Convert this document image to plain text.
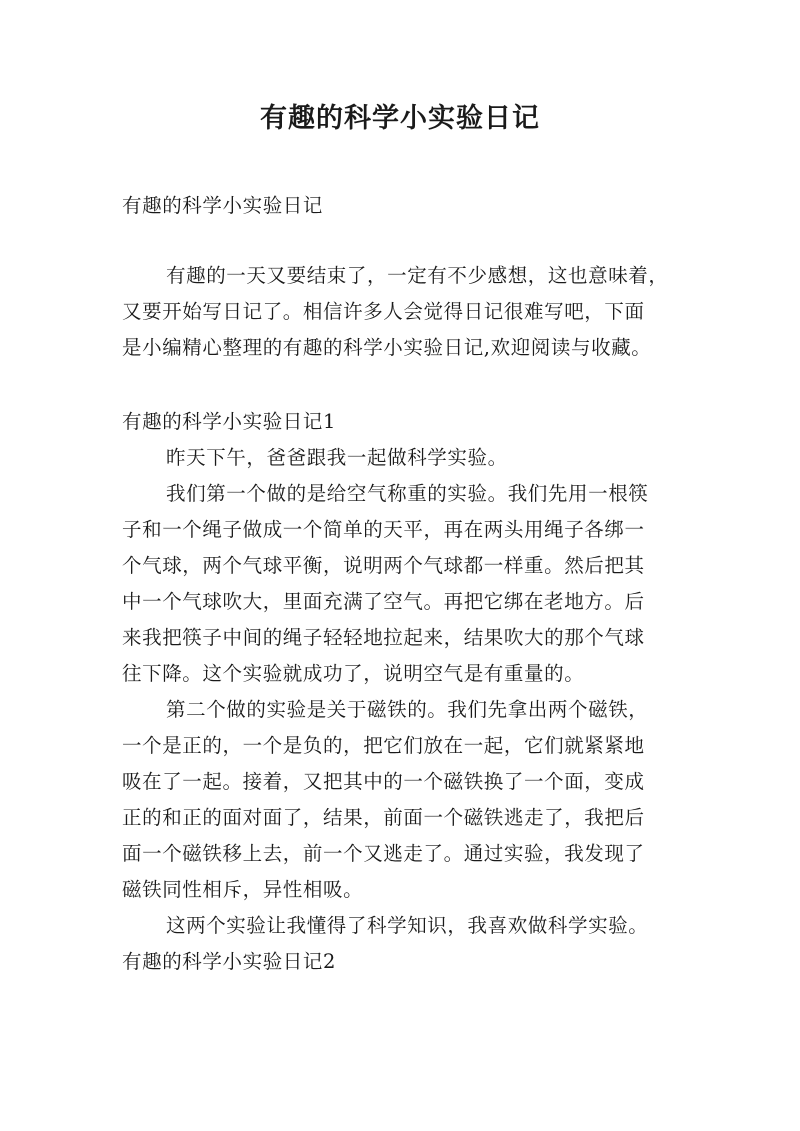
有趣的科学小实验日记
有趣的科学小实验日记
有趣的一天又要结束了，一定有不少感想，这也意味着，
又要开始写日记了。相信许多人会觉得日记很难写吧，下面
是小编精心整理的有趣的科学小实验日记,欢迎阅读与收藏。
有趣的科学小实验日记1
昨天下午，爸爸跟我一起做科学实验。
我们第一个做的是给空气称重的实验。我们先用一根筷
子和一个绳子做成一个简单的天平，再在两头用绳子各绑一
个气球，两个气球平衡，说明两个气球都一样重。然后把其
中一个气球吹大，里面充满了空气。再把它绑在老地方。后
来我把筷子中间的绳子轻轻地拉起来，结果吹大的那个气球
往下降。这个实验就成功了，说明空气是有重量的。
第二个做的实验是关于磁铁的。我们先拿出两个磁铁，
一个是正的，一个是负的，把它们放在一起，它们就紧紧地
吸在了一起。接着，又把其中的一个磁铁换了一个面，变成
正的和正的面对面了，结果，前面一个磁铁逃走了，我把后
面一个磁铁移上去，前一个又逃走了。通过实验，我发现了
磁铁同性相斥，异性相吸。
这两个实验让我懂得了科学知识，我喜欢做科学实验。
有趣的科学小实验日记2
